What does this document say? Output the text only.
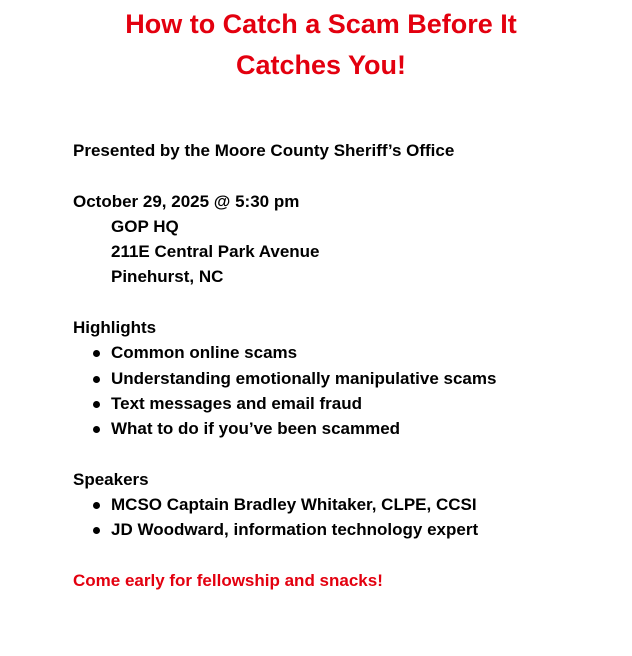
How to Catch a Scam Before It
Catches You!
Presented by the Moore County Sheriff’s Office
October 29, 2025 @ 5:30 pm
GOP HQ
211E Central Park Avenue
Pinehurst, NC
Highlights
Common online scams
Understanding emotionally manipulative scams
Text messages and email fraud
What to do if you’ve been scammed
Speakers
MCSO Captain Bradley Whitaker, CLPE, CCSI
JD Woodward, information technology expert
Come early for fellowship and snacks!
